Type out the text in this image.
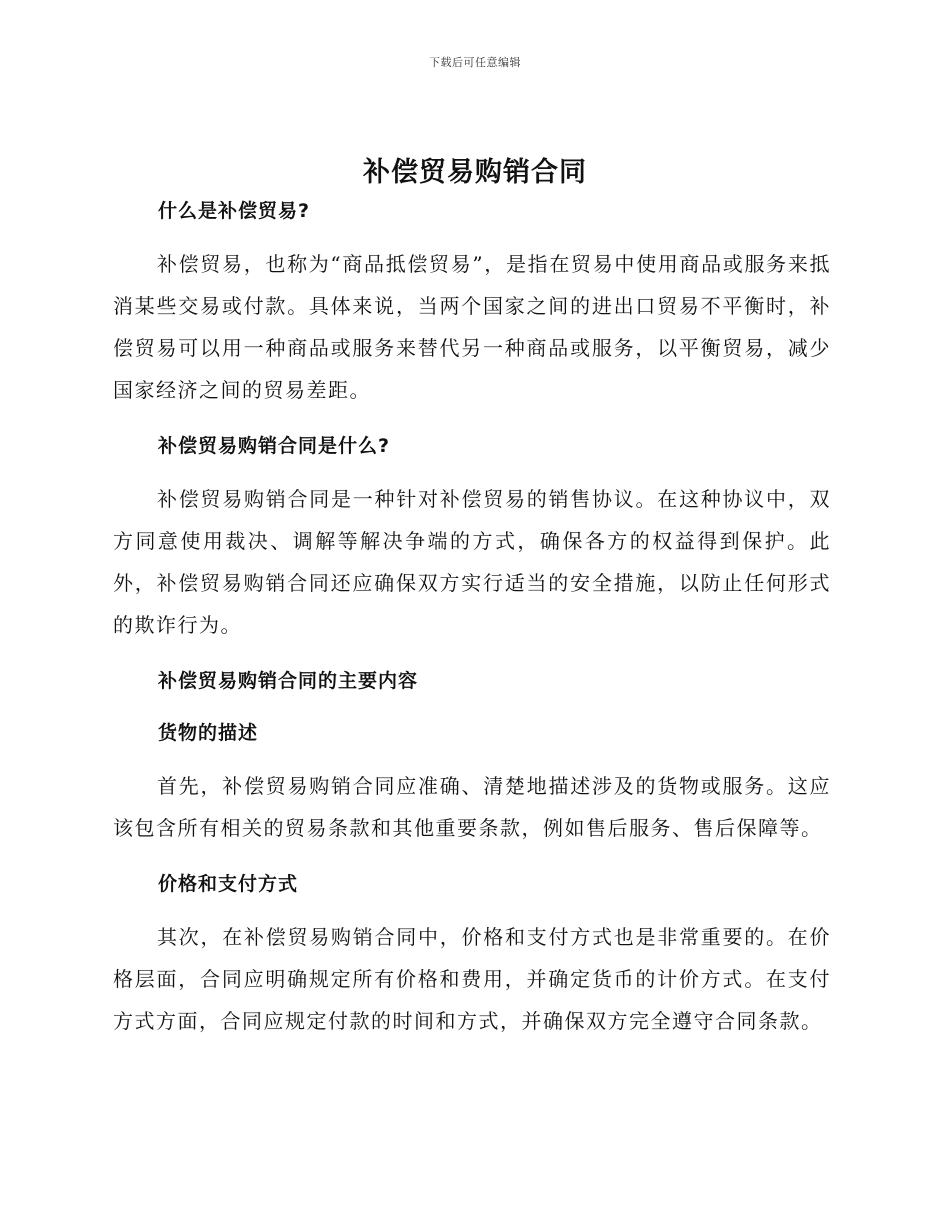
下载后可任意编辑
补偿贸易购销合同
什么是补偿贸易?

补偿贸易，也称为“商品抵偿贸易”，是指在贸易中使用商品或服务来抵消某些交易或付款。具体来说，当两个国家之间的进出口贸易不平衡时，补偿贸易可以用一种商品或服务来替代另一种商品或服务，以平衡贸易，减少国家经济之间的贸易差距。

补偿贸易购销合同是什么?

补偿贸易购销合同是一种针对补偿贸易的销售协议。在这种协议中，双方同意使用裁决、调解等解决争端的方式，确保各方的权益得到保护。此外，补偿贸易购销合同还应确保双方实行适当的安全措施，以防止任何形式的欺诈行为。

补偿贸易购销合同的主要内容
货物的描述

首先，补偿贸易购销合同应准确、清楚地描述涉及的货物或服务。这应该包含所有相关的贸易条款和其他重要条款，例如售后服务、售后保障等。

价格和支付方式

其次，在补偿贸易购销合同中，价格和支付方式也是非常重要的。在价格层面，合同应明确规定所有价格和费用，并确定货币的计价方式。在支付方式方面，合同应规定付款的时间和方式，并确保双方完全遵守合同条款。
